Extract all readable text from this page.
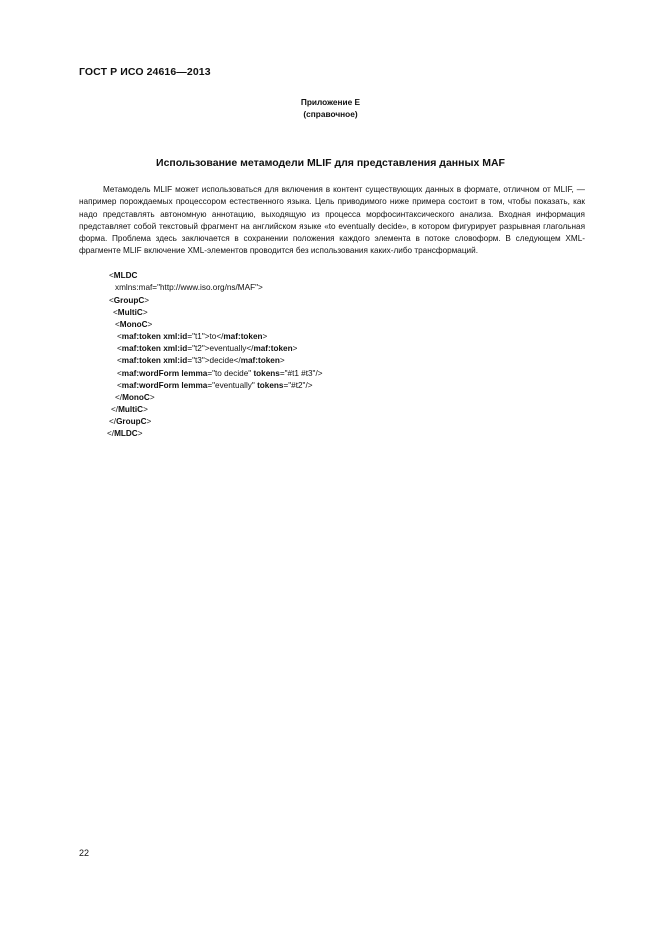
ГОСТ Р ИСО 24616—2013
Приложение Е
(справочное)
Использование метамодели MLIF для представления данных MAF
Метамодель MLIF может использоваться для включения в контент существующих данных в формате, отличном от MLIF, — например порождаемых процессором естественного языка. Цель приводимого ниже примера состоит в том, чтобы показать, как надо представлять автономную аннотацию, выходящую из процесса морфосинтаксического анализа. Входная информация представляет собой текстовый фрагмент на английском языке «to eventually decide», в котором фигурирует разрывная глагольная форма. Проблема здесь заключается в сохранении положения каждого элемента в потоке словоформ. В следующем XML-фрагменте MLIF включение XML-элементов проводится без использования каких-либо трансформаций.
<MLDC
xmlns:maf="http://www.iso.org/ns/MAF">
<GroupC>
<MultiC>
<MonoC>
<maf:token xml:id="t1">to</maf:token>
<maf:token xml:id="t2">eventually</maf:token>
<maf:token xml:id="t3">decide</maf:token>
<maf:wordForm lemma="to decide" tokens="#t1 #t3"/>
<maf:wordForm lemma="eventually" tokens="#t2"/>
</MonoC>
</MultiC>
</GroupC>
</MLDC>
22
